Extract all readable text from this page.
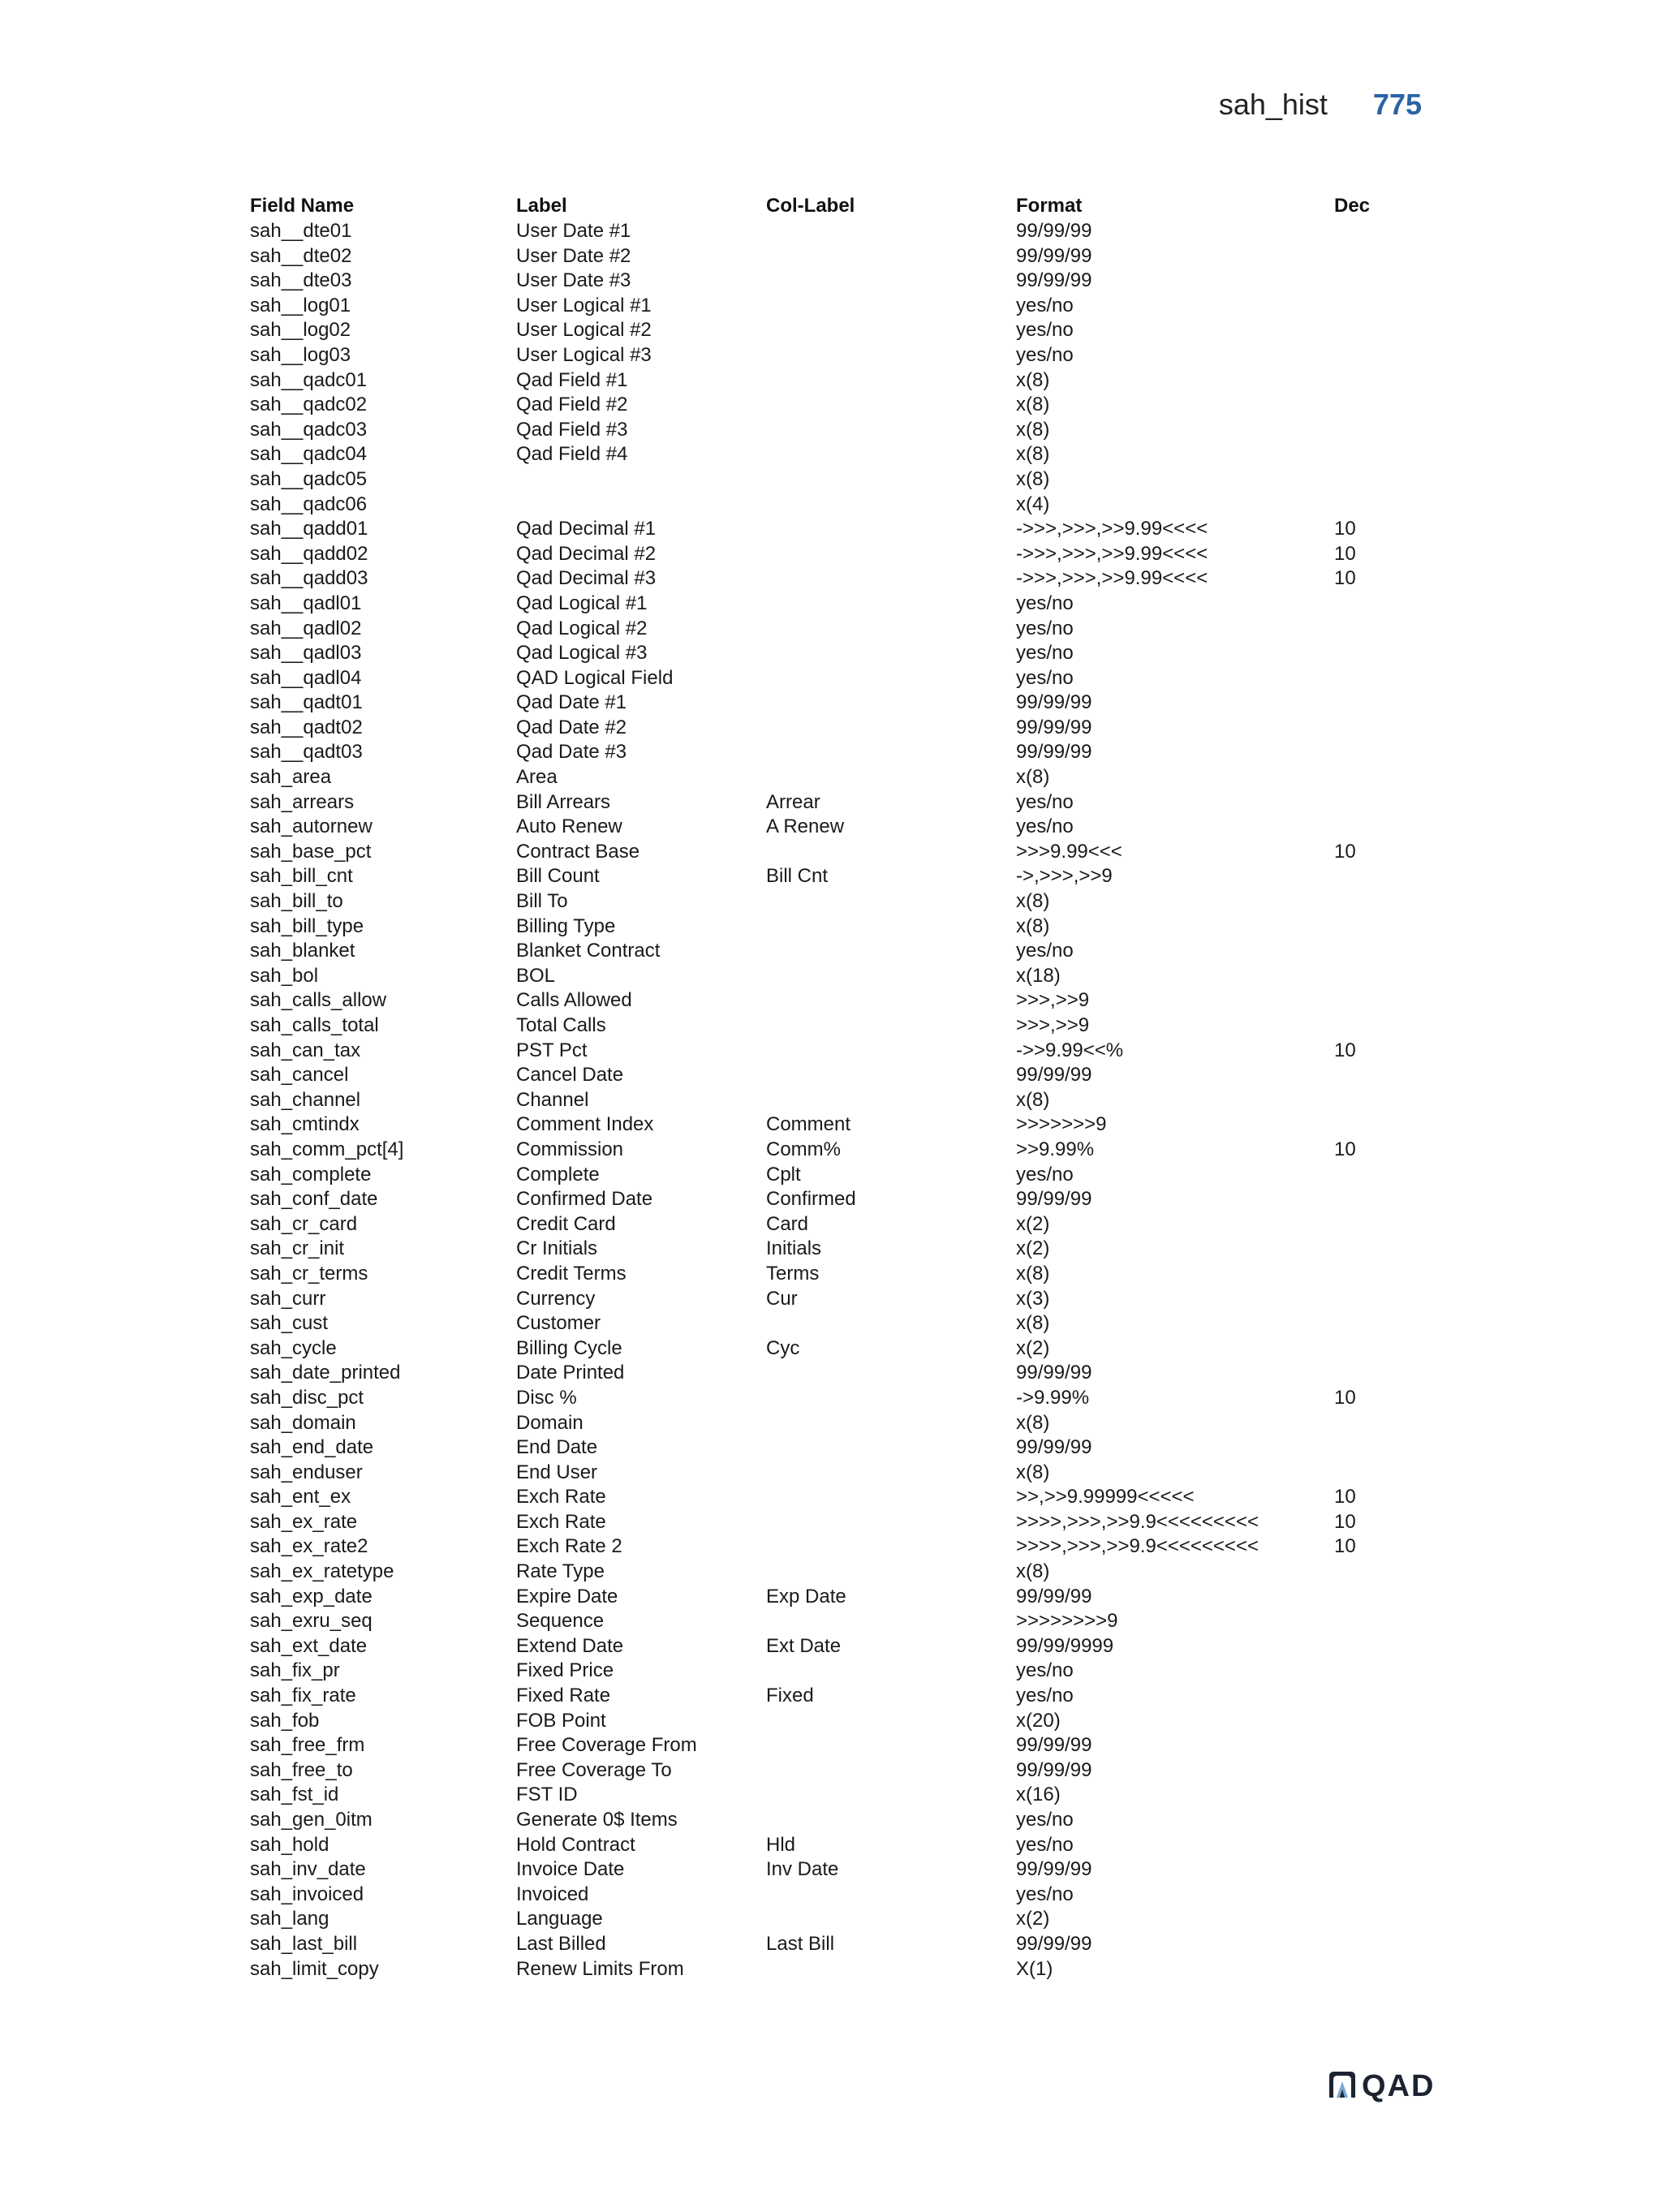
sah_hist 775
Field Name	Label	Col-Label	Format	Dec
sah__dte01	User Date #1		99/99/99	
sah__dte02	User Date #2		99/99/99	
sah__dte03	User Date #3		99/99/99	
sah__log01	User Logical #1		yes/no	
sah__log02	User Logical #2		yes/no	
sah__log03	User Logical #3		yes/no	
sah__qadc01	Qad Field #1		x(8)	
sah__qadc02	Qad Field #2		x(8)	
sah__qadc03	Qad Field #3		x(8)	
sah__qadc04	Qad Field #4		x(8)	
sah__qadc05			x(8)	
sah__qadc06			x(4)	
sah__qadd01	Qad Decimal #1		->>>,>>>,>>9.99<<<<	10
sah__qadd02	Qad Decimal #2		->>>,>>>,>>9.99<<<<	10
sah__qadd03	Qad Decimal #3		->>>,>>>,>>9.99<<<<	10
sah__qadl01	Qad Logical #1		yes/no	
sah__qadl02	Qad Logical #2		yes/no	
sah__qadl03	Qad Logical #3		yes/no	
sah__qadl04	QAD Logical Field		yes/no	
sah__qadt01	Qad Date #1		99/99/99	
sah__qadt02	Qad Date #2		99/99/99	
sah__qadt03	Qad Date #3		99/99/99	
sah_area	Area		x(8)	
sah_arrears	Bill Arrears	Arrear	yes/no	
sah_autornew	Auto Renew	A Renew	yes/no	
sah_base_pct	Contract Base		>>>9.99<<<	10
sah_bill_cnt	Bill Count	Bill Cnt	->,>>>,>>9	
sah_bill_to	Bill To		x(8)	
sah_bill_type	Billing Type		x(8)	
sah_blanket	Blanket Contract		yes/no	
sah_bol	BOL		x(18)	
sah_calls_allow	Calls Allowed		>>>,>>9	
sah_calls_total	Total Calls		>>>,>>9	
sah_can_tax	PST Pct		->>9.99<<%	10
sah_cancel	Cancel Date		99/99/99	
sah_channel	Channel		x(8)	
sah_cmtindx	Comment Index	Comment	>>>>>>>9	
sah_comm_pct[4]	Commission	Comm%	>>9.99%	10
sah_complete	Complete	Cplt	yes/no	
sah_conf_date	Confirmed Date	Confirmed	99/99/99	
sah_cr_card	Credit Card	Card	x(2)	
sah_cr_init	Cr Initials	Initials	x(2)	
sah_cr_terms	Credit Terms	Terms	x(8)	
sah_curr	Currency	Cur	x(3)	
sah_cust	Customer		x(8)	
sah_cycle	Billing Cycle	Cyc	x(2)	
sah_date_printed	Date Printed		99/99/99	
sah_disc_pct	Disc %		->9.99%	10
sah_domain	Domain		x(8)	
sah_end_date	End Date		99/99/99	
sah_enduser	End User		x(8)	
sah_ent_ex	Exch Rate		>>,>>9.99999<<<<<	10
sah_ex_rate	Exch Rate		>>>>,>>>,>>9.9<<<<<<<<<	10
sah_ex_rate2	Exch Rate 2		>>>>,>>>,>>9.9<<<<<<<<<	10
sah_ex_ratetype	Rate Type		x(8)	
sah_exp_date	Expire Date	Exp Date	99/99/99	
sah_exru_seq	Sequence		>>>>>>>>9	
sah_ext_date	Extend Date	Ext Date	99/99/9999	
sah_fix_pr	Fixed Price		yes/no	
sah_fix_rate	Fixed Rate	Fixed	yes/no	
sah_fob	FOB Point		x(20)	
sah_free_frm	Free Coverage From		99/99/99	
sah_free_to	Free Coverage To		99/99/99	
sah_fst_id	FST ID		x(16)	
sah_gen_0itm	Generate 0$ Items		yes/no	
sah_hold	Hold Contract	Hld	yes/no	
sah_inv_date	Invoice Date	Inv Date	99/99/99	
sah_invoiced	Invoiced		yes/no	
sah_lang	Language		x(2)	
sah_last_bill	Last Billed	Last Bill	99/99/99	
sah_limit_copy	Renew Limits From		X(1)	
QAD
